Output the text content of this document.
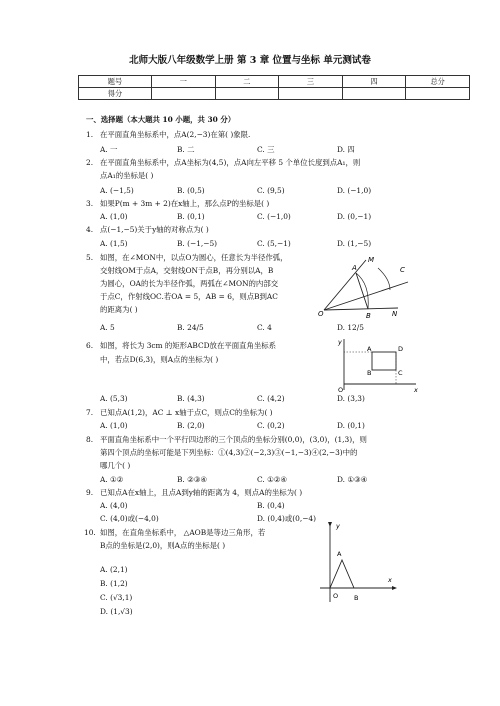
北师大版八年级数学上册 第 3 章 位置与坐标 单元测试卷
题号	一	二	三	四	总分
得分					
一、选择题（本大题共 10 小题，共 30 分）
1. 在平面直角坐标系中，点A(2,−3)在第( )象限.
A. 一	B. 二	C. 三	D. 四
2. 在平面直角坐标系中，点A坐标为(4,5)，点A向左平移 5 个单位长度到点A₁，则
点A₁的坐标是( )
A. (−1,5)	B. (0,5)	C. (9,5)	D. (−1,0)
3. 如果P(m + 3m + 2)在x轴上，那么点P的坐标是( )
A. (1,0)	B. (0,1)	C. (−1,0)	D. (0,−1)
4. 点(−1,−5)关于y轴的对称点为( )
A. (1,5)	B. (−1,−5)	C. (5,−1)	D. (1,−5)
5. 如图，在∠MON中，以点O为圆心，任意长为半径作弧，
交射线OM于点A，交射线ON于点B，再分别以A，B
为圆心，OA的长为半径作弧，两弧在∠MON的内部交
于点C，作射线OC.若OA = 5，AB = 6，则点B到AC
的距离为( )
A. 5	B. 24/5	C. 4	D. 12/5
M
C
A
O	B	N
6. 如图，将长为 3cm 的矩形ABCD放在平面直角坐标系
中，若点D(6,3)，则A点的坐标为( )
A. (5,3)	B. (4,3)	C. (4,2)	D. (3,3)
y
A	D
B	C
O	x
7. 已知点A(1,2)，AC ⊥ x轴于点C，则点C的坐标为( )
A. (1,0)	B. (2,0)	C. (0,2)	D. (0,1)
8. 平面直角坐标系中一个平行四边形的三个顶点的坐标分别(0,0)，(3,0)，(1,3)，则
第四个顶点的坐标可能是下列坐标：①(4,3)②(−2,3)③(−1,−3)④(2,−3)中的
哪几个( )
A. ①②	B. ②③④	C. ①②④	D. ①③④
9. 已知点A在x轴上，且点A到y轴的距离为 4，则点A的坐标为( )
A. (4,0)	B. (0,4)
C. (4,0)或(−4,0)	D. (0,4)或(0,−4)
10. 如图，在直角坐标系中， △AOB是等边三角形，若
B点的坐标是(2,0)，则A点的坐标是( )
A. (2,1)
B. (1,2)
C. (√3,1)
D. (1,√3)
y
A
x
O B
